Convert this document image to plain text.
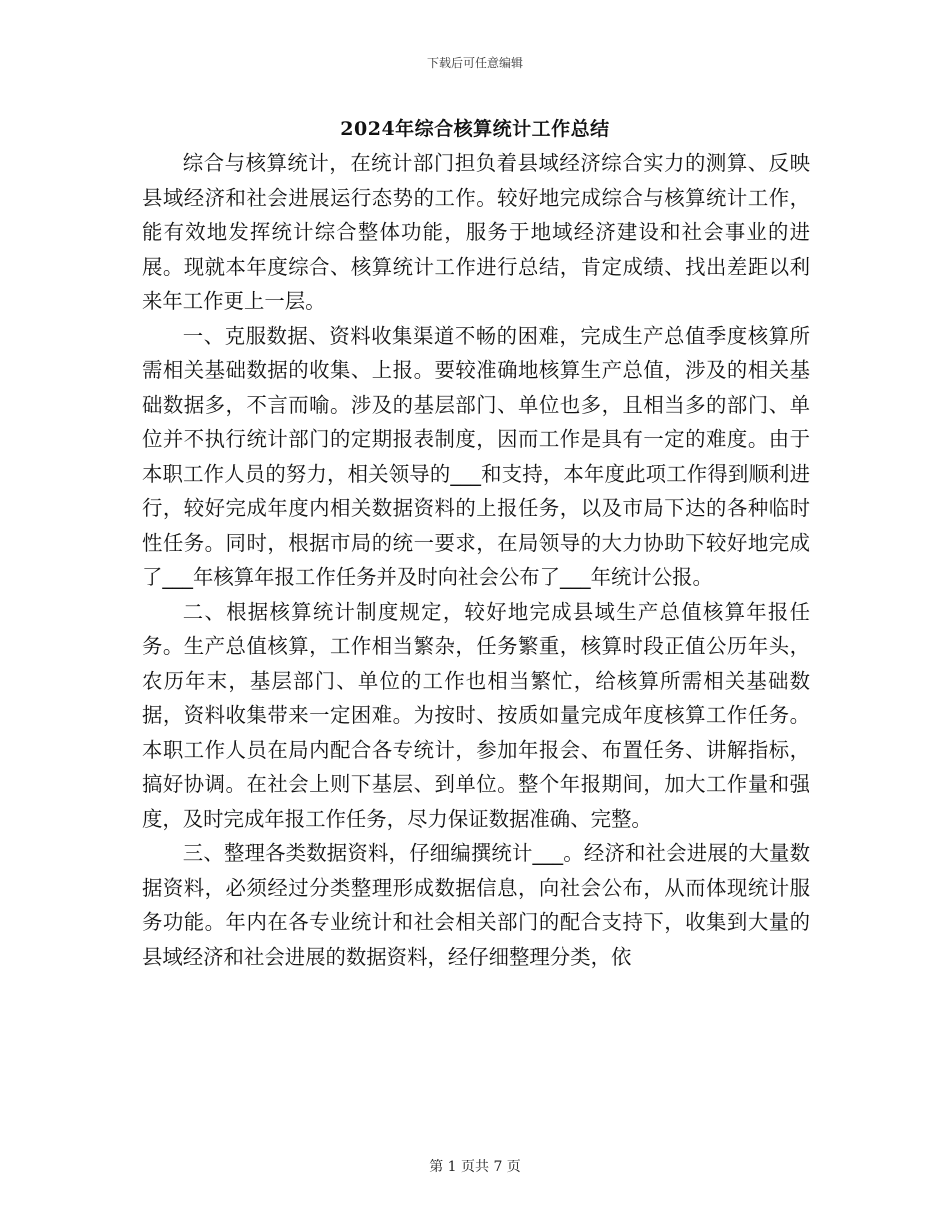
下载后可任意编辑
2024年综合核算统计工作总结

综合与核算统计，在统计部门担负着县域经济综合实力的测算、反映县域经济和社会进展运行态势的工作。较好地完成综合与核算统计工作，能有效地发挥统计综合整体功能，服务于地域经济建设和社会事业的进展。现就本年度综合、核算统计工作进行总结，肯定成绩、找出差距以利来年工作更上一层。

一、克服数据、资料收集渠道不畅的困难，完成生产总值季度核算所需相关基础数据的收集、上报。要较准确地核算生产总值，涉及的相关基础数据多，不言而喻。涉及的基层部门、单位也多，且相当多的部门、单位并不执行统计部门的定期报表制度，因而工作是具有一定的难度。由于本职工作人员的努力，相关领导的___和支持，本年度此项工作得到顺利进行，较好完成年度内相关数据资料的上报任务，以及市局下达的各种临时性任务。同时，根据市局的统一要求，在局领导的大力协助下较好地完成了___年核算年报工作任务并及时向社会公布了___年统计公报。

二、根据核算统计制度规定，较好地完成县域生产总值核算年报任务。生产总值核算，工作相当繁杂，任务繁重，核算时段正值公历年头，农历年末，基层部门、单位的工作也相当繁忙，给核算所需相关基础数据，资料收集带来一定困难。为按时、按质如量完成年度核算工作任务。本职工作人员在局内配合各专统计，参加年报会、布置任务、讲解指标，搞好协调。在社会上则下基层、到单位。整个年报期间，加大工作量和强度，及时完成年报工作任务，尽力保证数据准确、完整。

三、整理各类数据资料，仔细编撰统计___。经济和社会进展的大量数据资料，必须经过分类整理形成数据信息，向社会公布，从而体现统计服务功能。年内在各专业统计和社会相关部门的配合支持下，收集到大量的县域经济和社会进展的数据资料，经仔细整理分类，依

第 1 页共 7 页
